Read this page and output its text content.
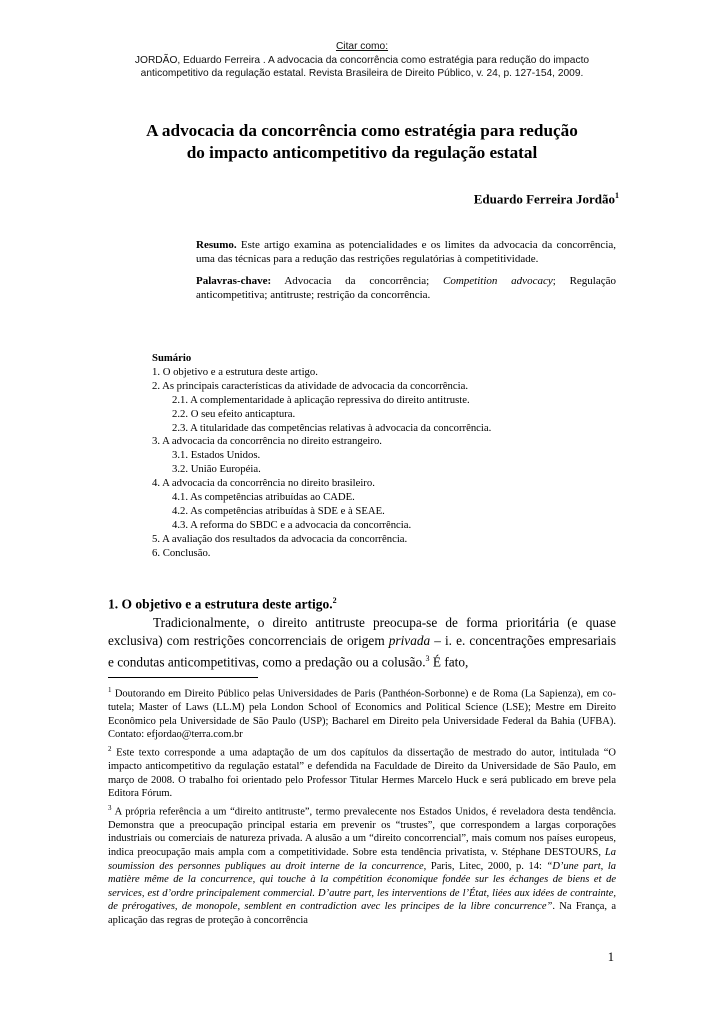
Citar como:
JORDÃO, Eduardo Ferreira . A advocacia da concorrência como estratégia para redução do impacto
anticompetitivo da regulação estatal. Revista Brasileira de Direito Público, v. 24, p. 127-154, 2009.
A advocacia da concorrência como estratégia para redução
do impacto anticompetitivo da regulação estatal
Eduardo Ferreira Jordão$^1$

Resumo. Este artigo examina as potencialidades e os limites da advocacia da concorrência, uma das técnicas para a redução das restrições regulatórias à competitividade.

Palavras-chave: Advocacia da concorrência; Competition advocacy; Regulação anticompetitiva; antitruste; restrição da concorrência.

Sumário
1. O objetivo e a estrutura deste artigo.
2. As principais características da atividade de advocacia da concorrência.
2.1. A complementaridade à aplicação repressiva do direito antitruste.
2.2. O seu efeito anticaptura.
2.3. A titularidade das competências relativas à advocacia da concorrência.
3. A advocacia da concorrência no direito estrangeiro.
3.1. Estados Unidos.
3.2. União Européia.
4. A advocacia da concorrência no direito brasileiro.
4.1. As competências atribuídas ao CADE.
4.2. As competências atribuídas à SDE e à SEAE.
4.3. A reforma do SBDC e a advocacia da concorrência.
5. A avaliação dos resultados da advocacia da concorrência.
6. Conclusão.
1. O objetivo e a estrutura deste artigo.$^2$

Tradicionalmente, o direito antitruste preocupa-se de forma prioritária (e quase exclusiva) com restrições concorrenciais de origem privada – i. e. concentrações empresariais e condutas anticompetitivas, como a predação ou a colusão.$^3$ É fato,

$^1$ Doutorando em Direito Público pelas Universidades de Paris (Panthéon-Sorbonne) e de Roma (La Sapienza), em co-tutela; Master of Laws (LL.M) pela London School of Economics and Political Science (LSE); Mestre em Direito Econômico pela Universidade de São Paulo (USP); Bacharel em Direito pela Universidade Federal da Bahia (UFBA). Contato: efjordao@terra.com.br

$^2$ Este texto corresponde a uma adaptação de um dos capítulos da dissertação de mestrado do autor, intitulada “O impacto anticompetitivo da regulação estatal” e defendida na Faculdade de Direito da Universidade de São Paulo, em março de 2008. O trabalho foi orientado pelo Professor Titular Hermes Marcelo Huck e será publicado em breve pela Editora Fórum.

$^3$ A própria referência a um “direito antitruste”, termo prevalecente nos Estados Unidos, é reveladora desta tendência. Demonstra que a preocupação principal estaria em prevenir os “trustes”, que correspondem a largas corporações industriais ou comerciais de natureza privada. A alusão a um “direito concorrencial”, mais comum nos países europeus, indica preocupação mais ampla com a competitividade. Sobre esta tendência privatista, v. Stéphane DESTOURS, La soumission des personnes publiques au droit interne de la concurrence, Paris, Litec, 2000, p. 14: “D’une part, la matière même de la concurrence, qui touche à la compétition économique fondée sur les échanges de biens et de services, est d’ordre principalement commercial. D’autre part, les interventions de l’État, liées aux idées de contrainte, de prérogatives, de monopole, semblent en contradiction avec les principes de la libre concurrence”. Na França, a aplicação das regras de proteção à concorrência

1
